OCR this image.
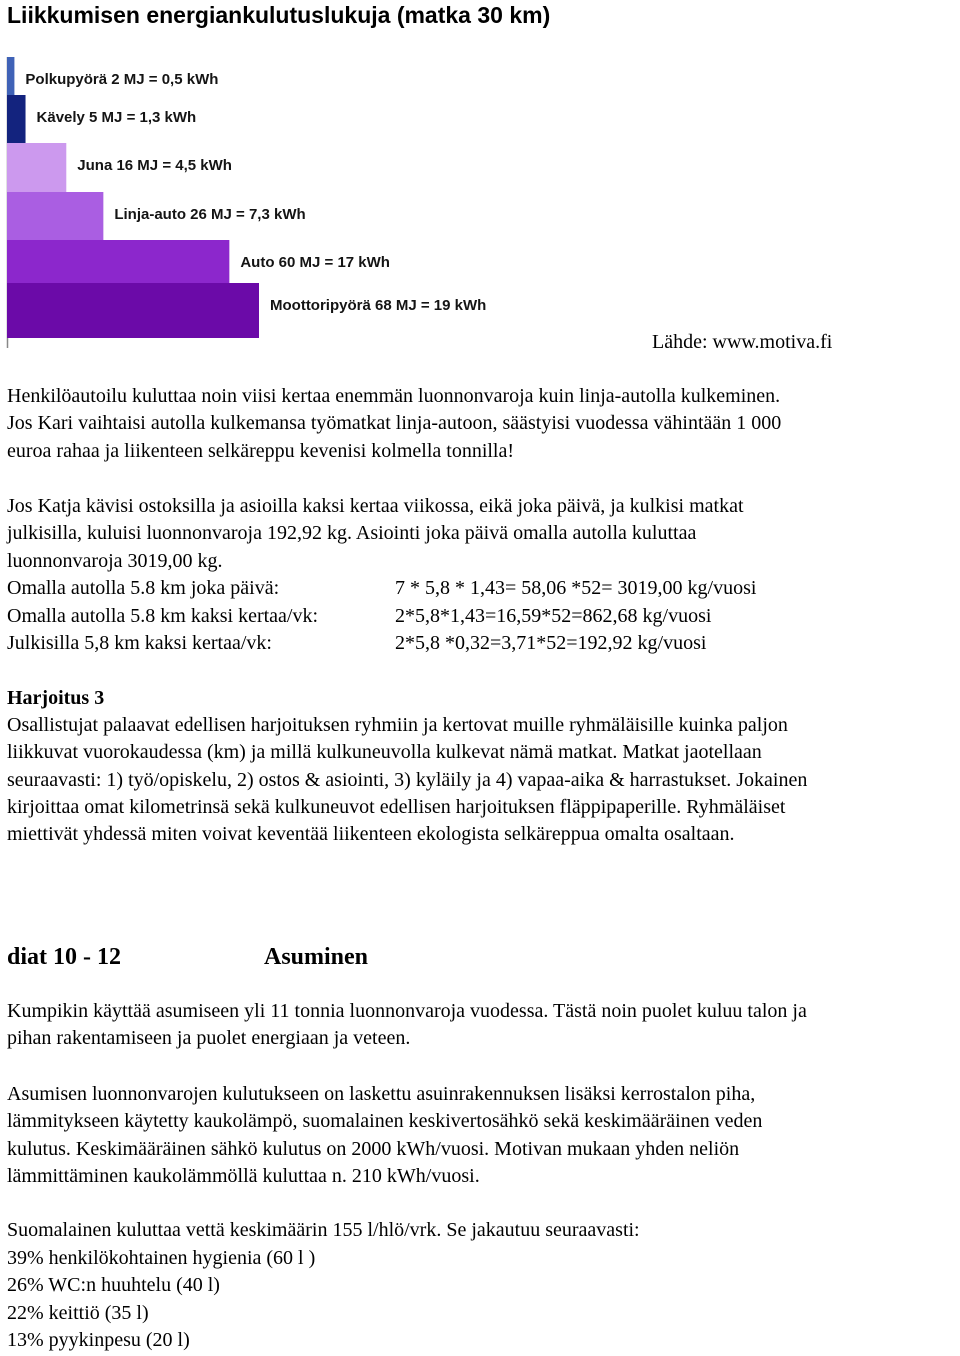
Liikkumisen energiankulutuslukuja (matka 30 km)
Polkupyörä 2 MJ = 0,5 kWh
Kävely 5 MJ = 1,3 kWh
Juna 16 MJ = 4,5 kWh
Linja-auto 26 MJ = 7,3 kWh
Auto 60 MJ = 17 kWh
Moottoripyörä 68 MJ = 19 kWh
Lähde: www.motiva.fi

Henkilöautoilu kuluttaa noin viisi kertaa enemmän luonnonvaroja kuin linja-autolla kulkeminen.

Jos Kari vaihtaisi autolla kulkemansa työmatkat linja-autoon, säästyisi vuodessa vähintään 1 000

euroa rahaa ja liikenteen selkäreppu kevenisi kolmella tonnilla!

Jos Katja kävisi ostoksilla ja asioilla kaksi kertaa viikossa, eikä joka päivä, ja kulkisi matkat

julkisilla, kuluisi luonnonvaroja 192,92 kg. Asiointi joka päivä omalla autolla kuluttaa

luonnonvaroja 3019,00 kg.

Omalla autolla 5.8 km joka päivä:	7 * 5,8 * 1,43= 58,06 *52= 3019,00 kg/vuosi
Omalla autolla 5.8 km kaksi kertaa/vk:	2*5,8*1,43=16,59*52=862,68 kg/vuosi
Julkisilla 5,8 km kaksi kertaa/vk:	2*5,8 *0,32=3,71*52=192,92 kg/vuosi
Harjoitus 3

Osallistujat palaavat edellisen harjoituksen ryhmiin ja kertovat muille ryhmäläisille kuinka paljon

liikkuvat vuorokaudessa (km) ja millä kulkuneuvolla kulkevat nämä matkat. Matkat jaotellaan

seuraavasti: 1) työ/opiskelu, 2) ostos & asiointi, 3) kyläily ja 4) vapaa-aika & harrastukset. Jokainen

kirjoittaa omat kilometrinsä sekä kulkuneuvot edellisen harjoituksen fläppipaperille. Ryhmäläiset

miettivät yhdessä miten voivat keventää liikenteen ekologista selkäreppua omalta osaltaan.

diat 10 - 12	Asuminen

Kumpikin käyttää asumiseen yli 11 tonnia luonnonvaroja vuodessa. Tästä noin puolet kuluu talon ja

pihan rakentamiseen ja puolet energiaan ja veteen.

Asumisen luonnonvarojen kulutukseen on laskettu asuinrakennuksen lisäksi kerrostalon piha,

lämmitykseen käytetty kaukolämpö, suomalainen keskivertosähkö sekä keskimääräinen veden

kulutus. Keskimääräinen sähkö kulutus on 2000 kWh/vuosi. Motivan mukaan yhden neliön

lämmittäminen kaukolämmöllä kuluttaa n. 210 kWh/vuosi.

Suomalainen kuluttaa vettä keskimäärin 155 l/hlö/vrk. Se jakautuu seuraavasti:
39% henkilökohtainen hygienia (60 l )
26% WC:n huuhtelu (40 l)
22% keittiö (35 l)
13% pyykinpesu (20 l)
